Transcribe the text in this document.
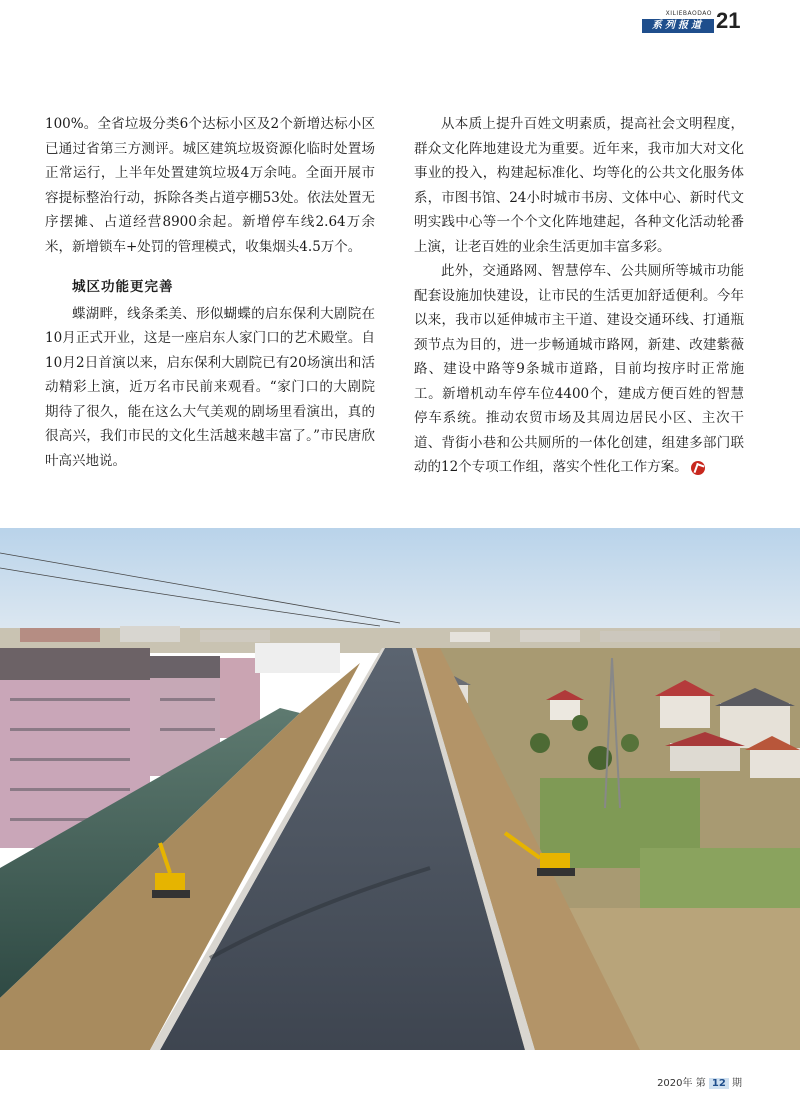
XILIEBAODAO
系列报道 21

100%。全省垃圾分类6个达标小区及2个新增达标小区已通过省第三方测评。城区建筑垃圾资源化临时处置场正常运行，上半年处置建筑垃圾4万余吨。全面开展市容提标整治行动，拆除各类占道亭棚53处。依法处置无序摆摊、占道经营8900余起。新增停车线2.64万余米，新增锁车+处罚的管理模式，收集烟头4.5万个。

城区功能更完善

蝶湖畔，线条柔美、形似蝴蝶的启东保利大剧院在10月正式开业，这是一座启东人家门口的艺术殿堂。自10月2日首演以来，启东保利大剧院已有20场演出和活动精彩上演，近万名市民前来观看。“家门口的大剧院期待了很久，能在这么大气美观的剧场里看演出，真的很高兴，我们市民的文化生活越来越丰富了。”市民唐欣叶高兴地说。

从本质上提升百姓文明素质，提高社会文明程度，群众文化阵地建设尤为重要。近年来，我市加大对文化事业的投入，构建起标准化、均等化的公共文化服务体系，市图书馆、24小时城市书房、文体中心、新时代文明实践中心等一个个文化阵地建起，各种文化活动轮番上演，让老百姓的业余生活更加丰富多彩。

此外，交通路网、智慧停车、公共厕所等城市功能配套设施加快建设，让市民的生活更加舒适便利。今年以来，我市以延伸城市主干道、建设交通环线、打通瓶颈节点为目的，进一步畅通城市路网，新建、改建紫薇路、建设中路等9条城市道路，目前均按序时正常施工。新增机动车停车位4400个，建成方便百姓的智慧停车系统。推动农贸市场及其周边居民小区、主次干道、背街小巷和公共厕所的一体化创建，组建多部门联动的12个专项工作组，落实个性化工作方案。

2020年 第 12 期
